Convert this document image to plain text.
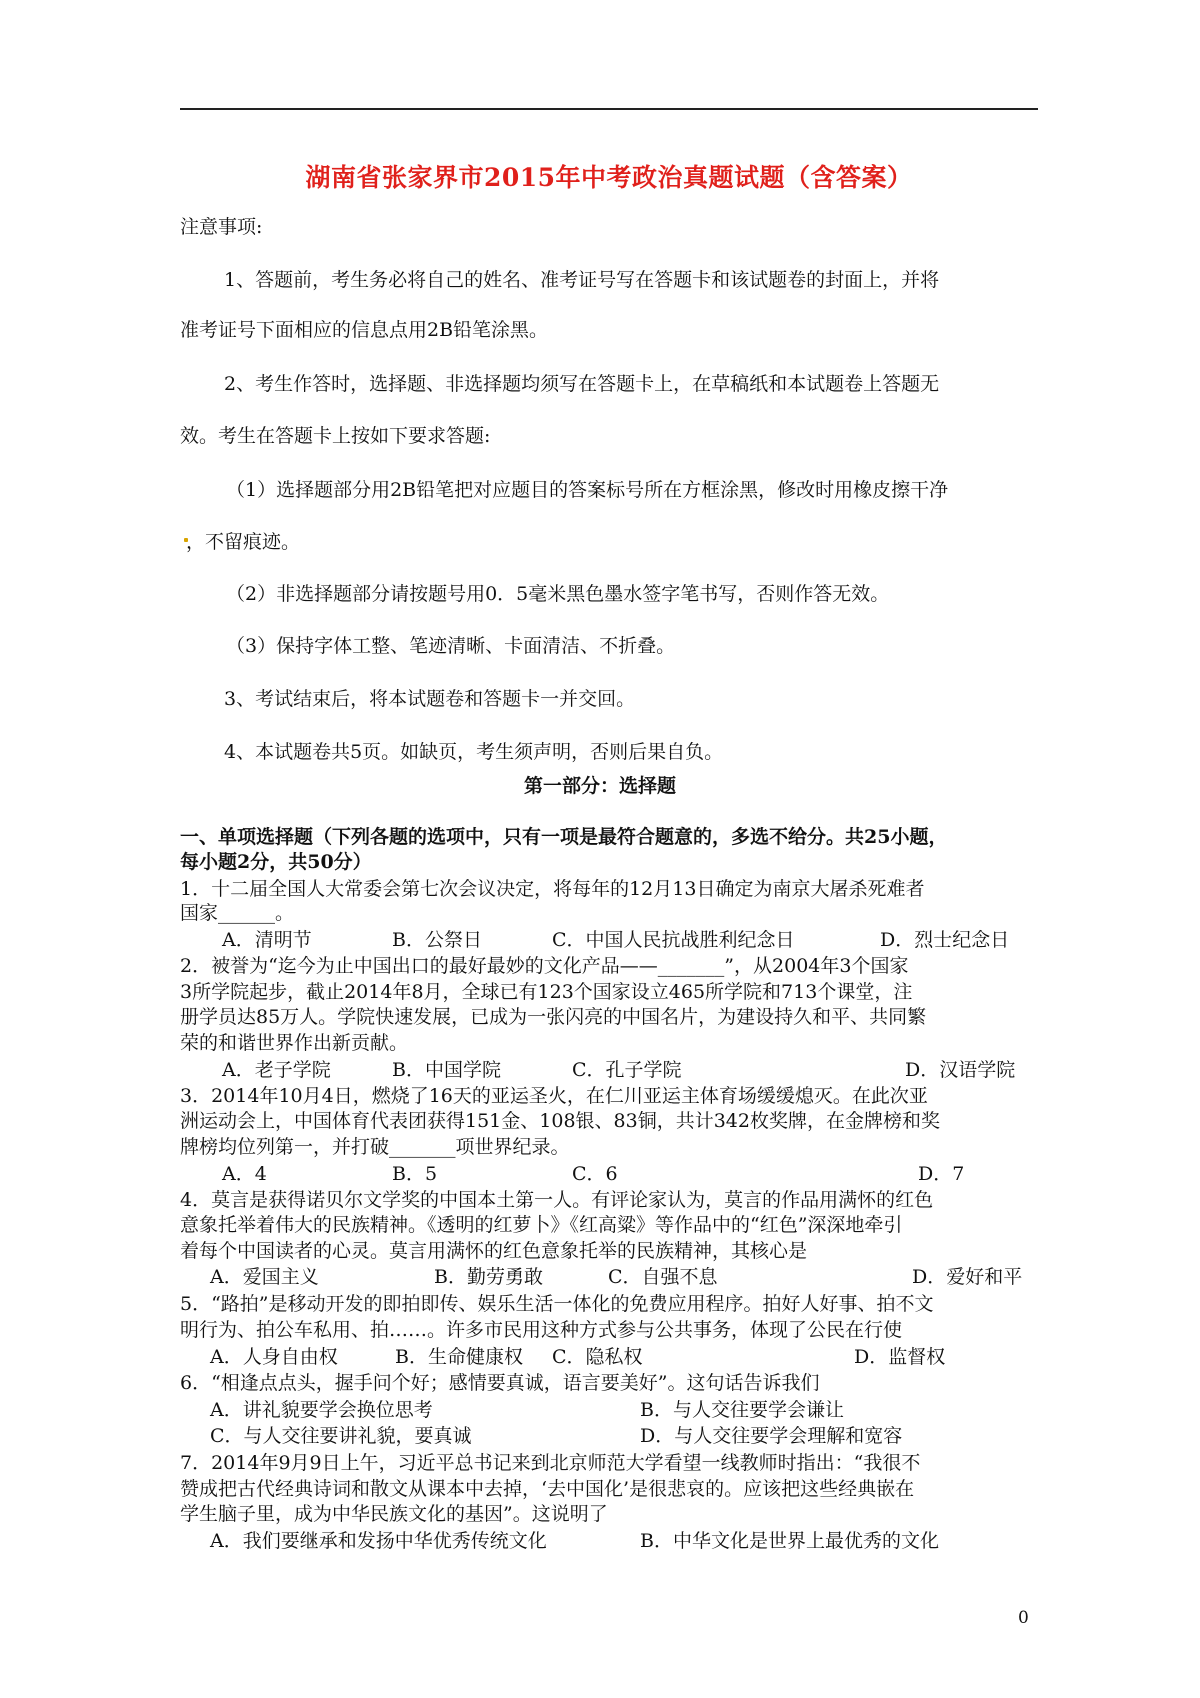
湖南省张家界市2015年中考政治真题试题（含答案）
注意事项:
1、答题前，考生务必将自己的姓名、准考证号写在答题卡和该试题卷的封面上，并将
准考证号下面相应的信息点用2B铅笔涂黑。
2、考生作答时，选择题、非选择题均须写在答题卡上，在草稿纸和本试题卷上答题无
效。考生在答题卡上按如下要求答题:
（1）选择题部分用2B铅笔把对应题目的答案标号所在方框涂黑，修改时用橡皮擦干净
，不留痕迹。
（2）非选择题部分请按题号用0．5毫米黑色墨水签字笔书写，否则作答无效。
（3）保持字体工整、笔迹清晰、卡面清洁、不折叠。
3、考试结束后，将本试题卷和答题卡一并交回。
4、本试题卷共5页。如缺页，考生须声明，否则后果自负。
第一部分：选择题
一、单项选择题（下列各题的选项中，只有一项是最符合题意的，多选不给分。共25小题，
每小题2分，共50分）
1．十二届全国人大常委会第七次会议决定，将每年的12月13日确定为南京大屠杀死难者
国家______。
A．清明节	B．公祭日	C．中国人民抗战胜利纪念日	D．烈士纪念日
2．被誉为“迄今为止中国出口的最好最妙的文化产品——_______”，从2004年3个国家
3所学院起步，截止2014年8月，全球已有123个国家设立465所学院和713个课堂，注
册学员达85万人。学院快速发展，已成为一张闪亮的中国名片，为建设持久和平、共同繁
荣的和谐世界作出新贡献。
A．老子学院	B．中国学院	C．孔子学院	D．汉语学院
3．2014年10月4日，燃烧了16天的亚运圣火，在仁川亚运主体育场缓缓熄灭。在此次亚
洲运动会上，中国体育代表团获得151金、108银、83铜，共计342枚奖牌，在金牌榜和奖
牌榜均位列第一，并打破_______项世界纪录。
A．4	B．5	C．6	D．7
4．莫言是获得诺贝尔文学奖的中国本土第一人。有评论家认为，莫言的作品用满怀的红色
意象托举着伟大的民族精神。《透明的红萝卜》《红高粱》等作品中的“红色”深深地牵引
着每个中国读者的心灵。莫言用满怀的红色意象托举的民族精神，其核心是
A．爱国主义	B．勤劳勇敢	C．自强不息	D．爱好和平
5．“路拍”是移动开发的即拍即传、娱乐生活一体化的免费应用程序。拍好人好事、拍不文
明行为、拍公车私用、拍……。许多市民用这种方式参与公共事务，体现了公民在行使
A．人身自由权	B．生命健康权 C．隐私权	D．监督权
6．“相逢点点头，握手问个好；感情要真诚，语言要美好”。这句话告诉我们
A．讲礼貌要学会换位思考	B．与人交往要学会谦让
C．与人交往要讲礼貌，要真诚	D．与人交往要学会理解和宽容
7．2014年9月9日上午，习近平总书记来到北京师范大学看望一线教师时指出：“我很不
赞成把古代经典诗词和散文从课本中去掉，‘去中国化’是很悲哀的。应该把这些经典嵌在
学生脑子里，成为中华民族文化的基因”。这说明了
A．我们要继承和发扬中华优秀传统文化	B．中华文化是世界上最优秀的文化
0
